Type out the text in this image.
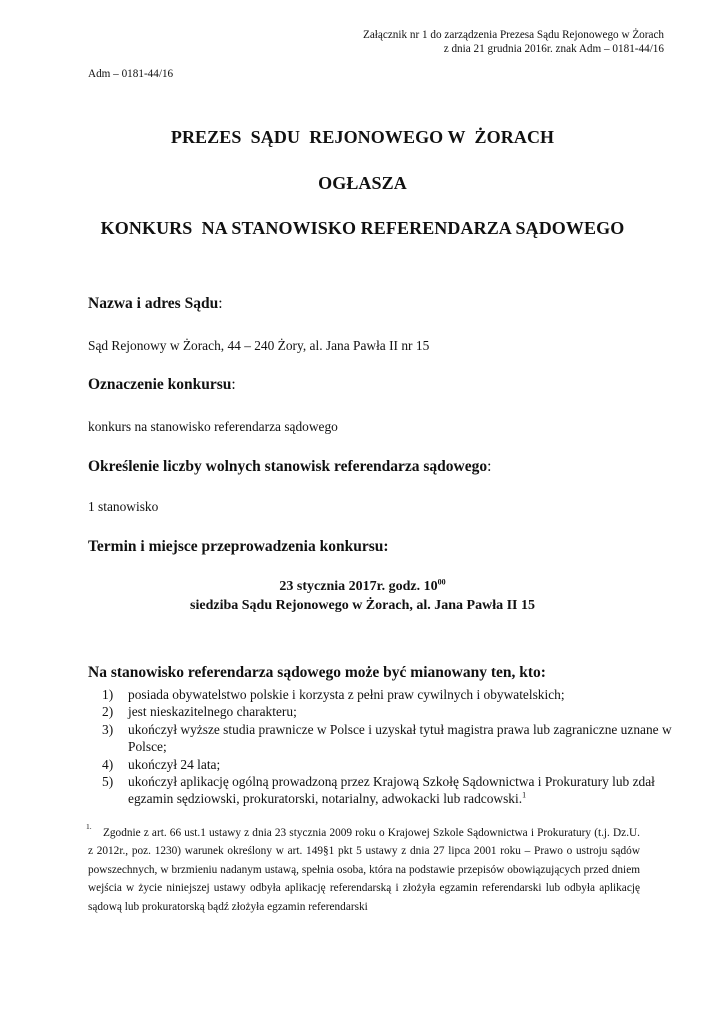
Załącznik nr 1 do zarządzenia Prezesa Sądu Rejonowego w Żorach
z dnia 21 grudnia 2016r. znak Adm – 0181-44/16
Adm – 0181-44/16
PREZES  SĄDU  REJONOWEGO W  ŻORACH
OGŁASZA
KONKURS  NA STANOWISKO REFERENDARZA SĄDOWEGO
Nazwa i adres Sądu:
Sąd Rejonowy w Żorach, 44 – 240 Żory, al. Jana Pawła II nr 15
Oznaczenie konkursu:
konkurs na stanowisko referendarza sądowego
Określenie liczby wolnych stanowisk referendarza sądowego:
1 stanowisko
Termin i miejsce przeprowadzenia konkursu:
23 stycznia 2017r. godz. $10^{00}$
siedziba Sądu Rejonowego w Żorach, al. Jana Pawła II 15
Na stanowisko referendarza sądowego może być mianowany ten, kto:
1) posiada obywatelstwo polskie i korzysta z pełni praw cywilnych i obywatelskich;
2) jest nieskazitelnego charakteru;
3) ukończył wyższe studia prawnicze w Polsce i uzyskał tytuł magistra prawa lub zagraniczne uznane w Polsce;
4) ukończył 24 lata;
5) ukończył aplikację ogólną prowadzoną przez Krajową Szkołę Sądownictwa i Prokuratury lub zdał egzamin sędziowski, prokuratorski, notarialny, adwokacki lub radcowski.$^1$
1.
Zgodnie z art. 66 ust.1 ustawy z dnia 23 stycznia 2009 roku o Krajowej Szkole Sądownictwa i Prokuratury (t.j. Dz.U. z 2012r., poz. 1230) warunek określony w art. 149§1 pkt 5 ustawy z dnia 27 lipca 2001 roku – Prawo o ustroju sądów powszechnych, w brzmieniu nadanym ustawą, spełnia osoba, która na podstawie przepisów obowiązujących przed dniem wejścia w życie niniejszej ustawy odbyła aplikację referendarską i złożyła egzamin referendarski lub odbyła aplikację sądową lub prokuratorską bądź złożyła egzamin referendarski
